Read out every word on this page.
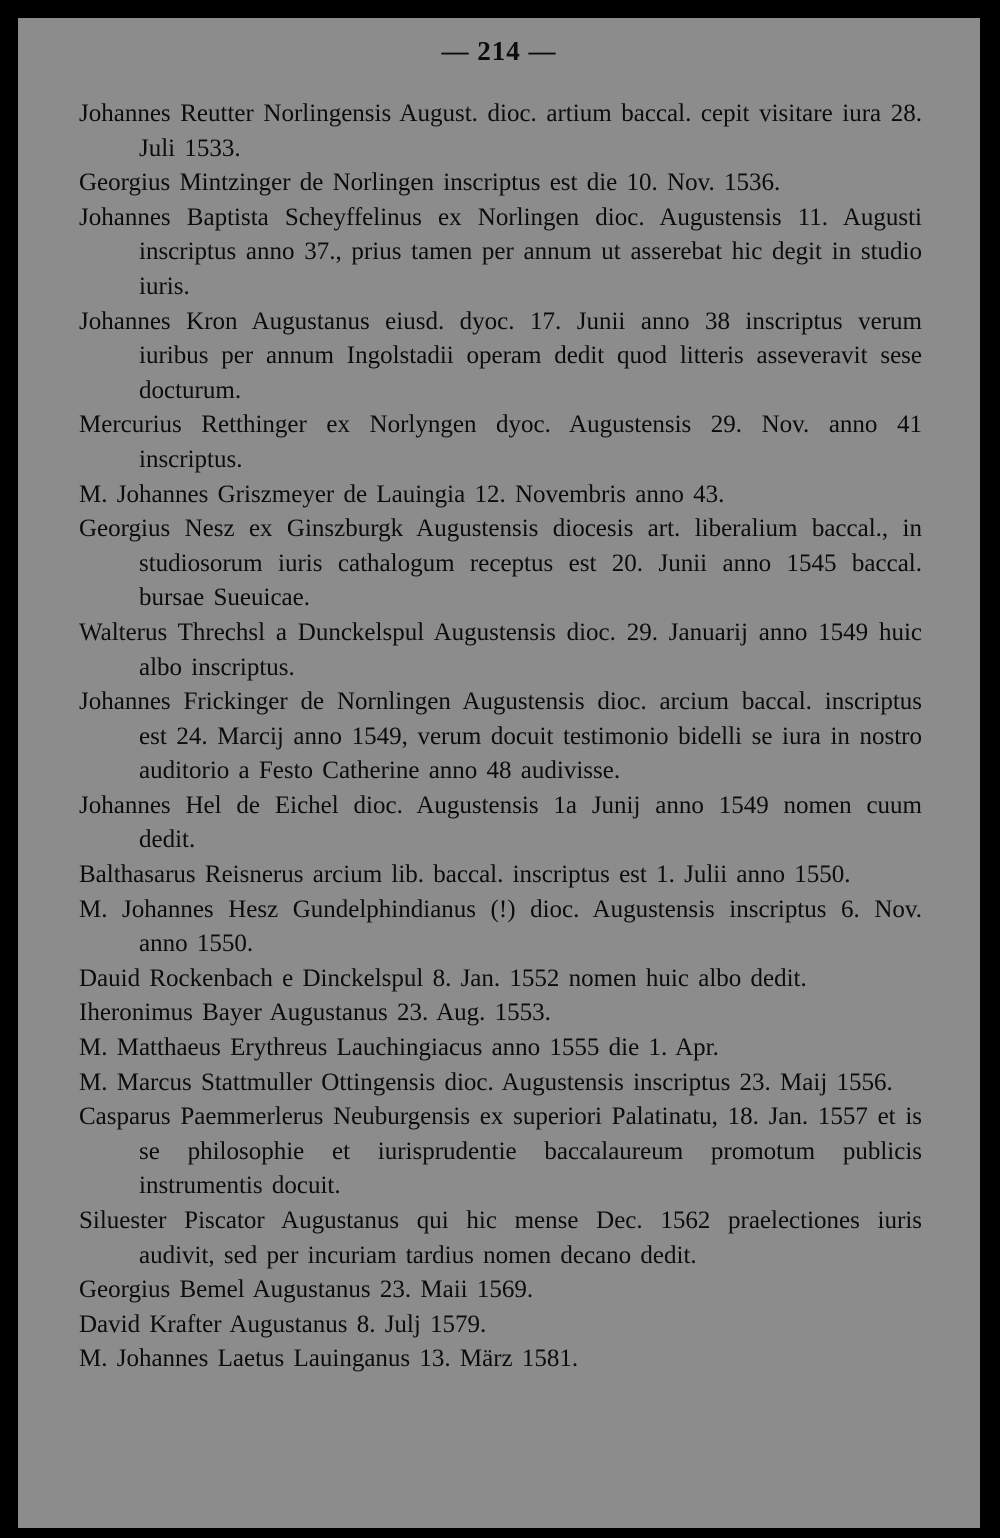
— 214 —

Johannes Reutter Norlingensis August. dioc. artium baccal. cepit visitare iura 28. Juli 1533.

Georgius Mintzinger de Norlingen inscriptus est die 10. Nov. 1536.

Johannes Baptista Scheyffelinus ex Norlingen dioc. Augustensis 11. Augusti inscriptus anno 37., prius tamen per annum ut asserebat hic degit in studio iuris.

Johannes Kron Augustanus eiusd. dyoc. 17. Junii anno 38 inscriptus verum iuribus per annum Ingolstadii operam dedit quod litteris asseveravit sese docturum.

Mercurius Retthinger ex Norlyngen dyoc. Augustensis 29. Nov. anno 41 inscriptus.

M. Johannes Griszmeyer de Lauingia 12. Novembris anno 43.

Georgius Nesz ex Ginszburgk Augustensis diocesis art. liberalium baccal., in studiosorum iuris cathalogum receptus est 20. Junii anno 1545 baccal. bursae Sueuicae.

Walterus Threchsl a Dunckelspul Augustensis dioc. 29. Januarij anno 1549 huic albo inscriptus.

Johannes Frickinger de Nornlingen Augustensis dioc. arcium baccal. inscriptus est 24. Marcij anno 1549, verum docuit testimonio bidelli se iura in nostro auditorio a Festo Catherine anno 48 audivisse.

Johannes Hel de Eichel dioc. Augustensis 1a Junij anno 1549 nomen cuum dedit.

Balthasarus Reisnerus arcium lib. baccal. inscriptus est 1. Julii anno 1550.

M. Johannes Hesz Gundelphindianus (!) dioc. Augustensis inscriptus 6. Nov. anno 1550.

Dauid Rockenbach e Dinckelspul 8. Jan. 1552 nomen huic albo dedit.

Iheronimus Bayer Augustanus 23. Aug. 1553.

M. Matthaeus Erythreus Lauchingiacus anno 1555 die 1. Apr.

M. Marcus Stattmuller Ottingensis dioc. Augustensis inscriptus 23. Maij 1556.

Casparus Paemmerlerus Neuburgensis ex superiori Palatinatu, 18. Jan. 1557 et is se philosophie et iurisprudentie baccalaureum promotum publicis instrumentis docuit.

Siluester Piscator Augustanus qui hic mense Dec. 1562 praelectiones iuris audivit, sed per incuriam tardius nomen decano dedit.

Georgius Bemel Augustanus 23. Maii 1569.

David Krafter Augustanus 8. Julj 1579.

M. Johannes Laetus Lauinganus 13. März 1581.
